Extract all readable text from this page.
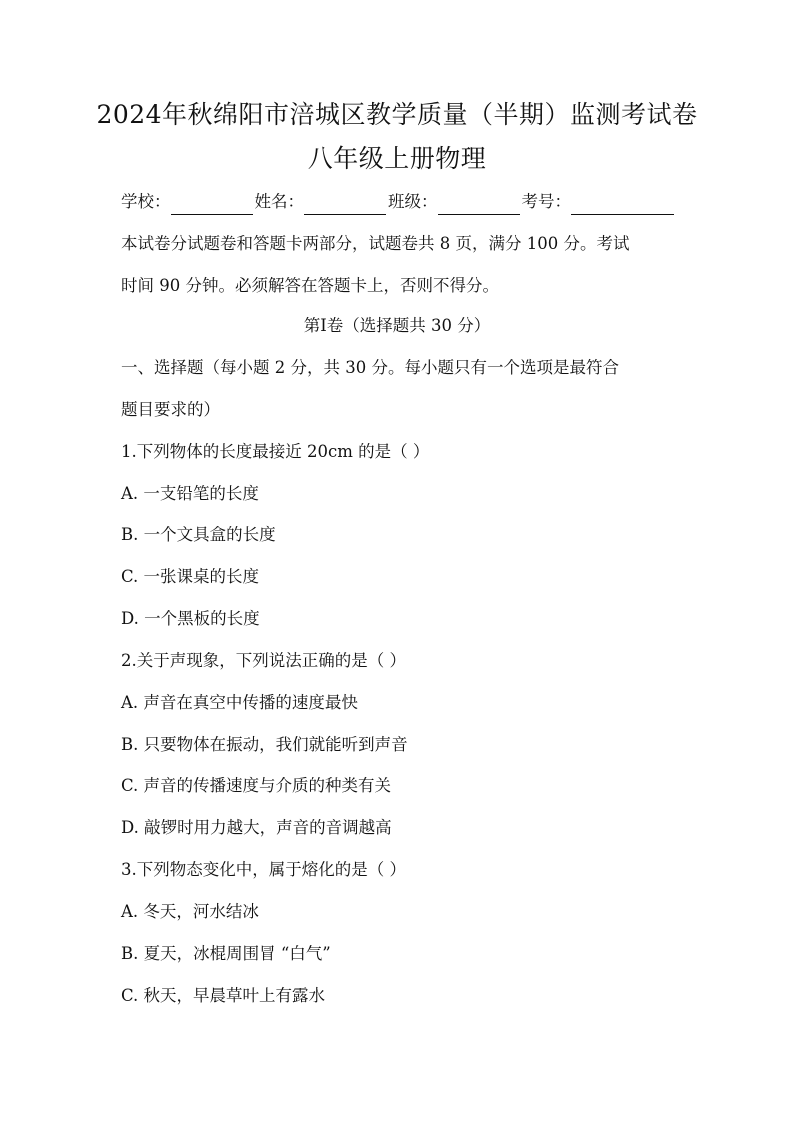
2024年秋绵阳市涪城区教学质量（半期）监测考试卷
八年级上册物理
学校：	姓名：	班级：	考号：
本试卷分试题卷和答题卡两部分，试题卷共 8 页，满分 100 分。考试
时间 90 分钟。必须解答在答题卡上，否则不得分。
第Ⅰ卷（选择题共 30 分）
一、选择题（每小题 2 分，共 30 分。每小题只有一个选项是最符合
题目要求的）
1.下列物体的长度最接近 20cm 的是（ ）
A. 一支铅笔的长度
B. 一个文具盒的长度
C. 一张课桌的长度
D. 一个黑板的长度
2.关于声现象，下列说法正确的是（ ）
A. 声音在真空中传播的速度最快
B. 只要物体在振动，我们就能听到声音
C. 声音的传播速度与介质的种类有关
D. 敲锣时用力越大，声音的音调越高
3.下列物态变化中，属于熔化的是（ ）
A. 冬天，河水结冰
B. 夏天，冰棍周围冒 “白气”
C. 秋天，早晨草叶上有露水
